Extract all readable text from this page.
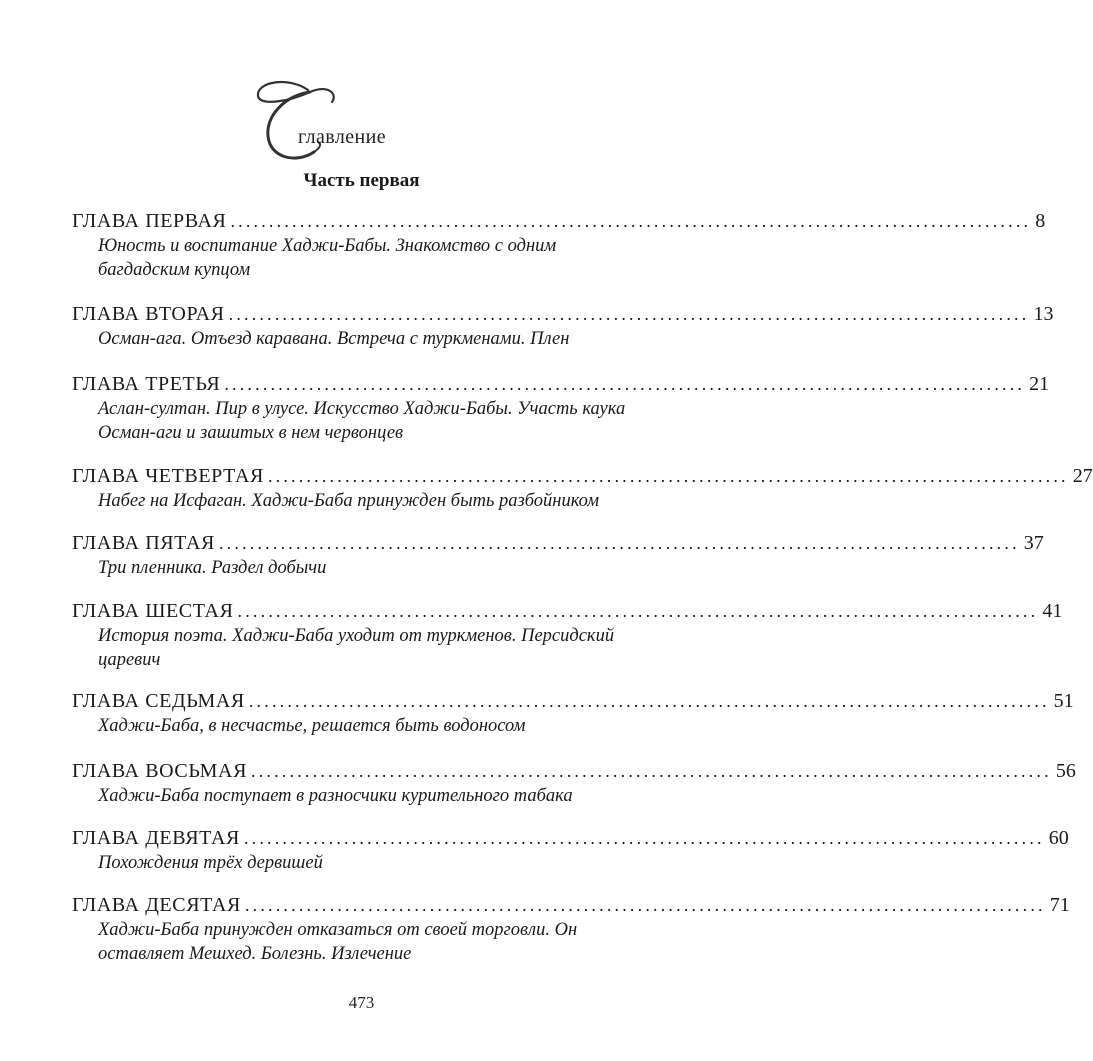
С главление
Часть первая
ГЛАВА ПЕРВАЯ ........................................................................................................ 8
Юность и воспитание Хаджи-Бабы. Знакомство с одним багдадским купцом
ГЛАВА ВТОРАЯ ........................................................................................................ 13
Осман-ага. Отъезд каравана. Встреча с туркменами. Плен
ГЛАВА ТРЕТЬЯ ........................................................................................................ 21
Аслан-султан. Пир в улусе. Искусство Хаджи-Бабы. Участь каука Осман-аги и зашитых в нем червонцев
ГЛАВА ЧЕТВЕРТАЯ ........................................................................................................ 27
Набег на Исфаган. Хаджи-Баба принужден быть разбойником
ГЛАВА ПЯТАЯ ........................................................................................................ 37
Три пленника. Раздел добычи
ГЛАВА ШЕСТАЯ ........................................................................................................ 41
История поэта. Хаджи-Баба уходит от туркменов. Персидский царевич
ГЛАВА СЕДЬМАЯ ........................................................................................................ 51
Хаджи-Баба, в несчастье, решается быть водоносом
ГЛАВА ВОСЬМАЯ ........................................................................................................ 56
Хаджи-Баба поступает в разносчики курительного табака
ГЛАВА ДЕВЯТАЯ ........................................................................................................ 60
Похождения трёх дервишей
ГЛАВА ДЕСЯТАЯ ........................................................................................................ 71
Хаджи-Баба принужден отказаться от своей торговли. Он оставляет Мешхед. Болезнь. Излечение
473
